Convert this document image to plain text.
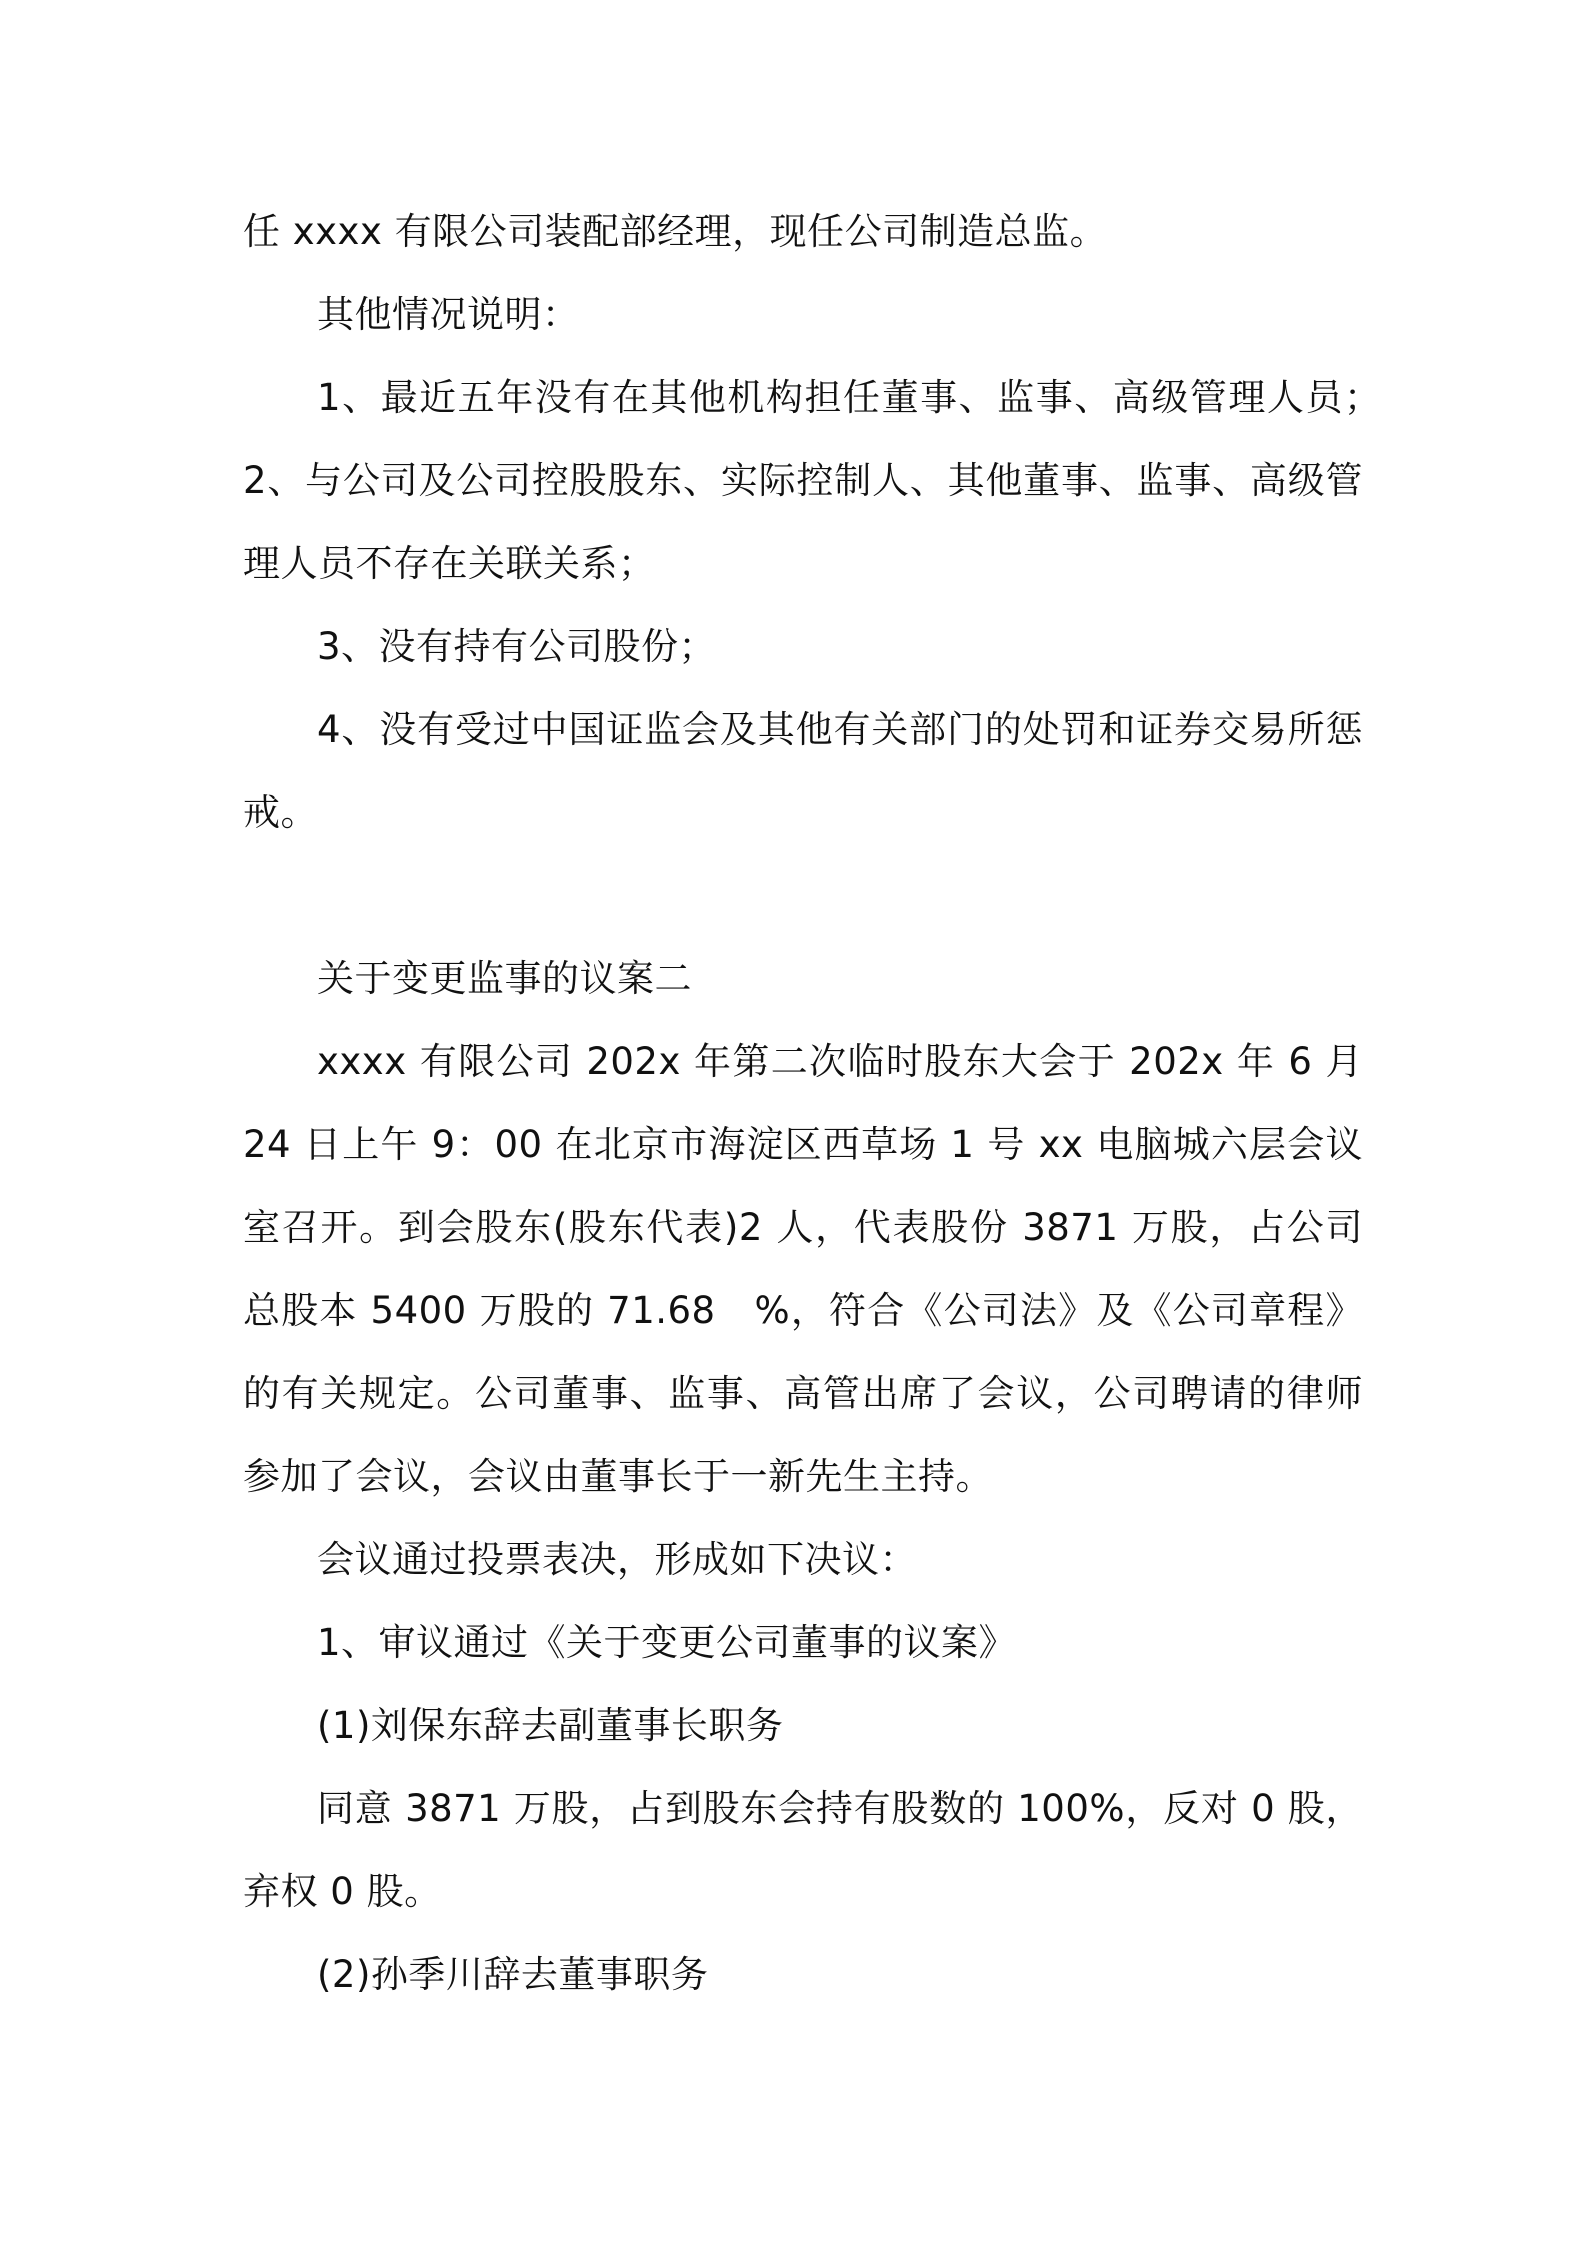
任 xxxx 有限公司装配部经理，现任公司制造总监。

其他情况说明：

1、最近五年没有在其他机构担任董事、监事、高级管理人员；　2、与公司及公司控股股东、实际控制人、其他董事、监事、高级管理人员不存在关联关系；

3、没有持有公司股份；

4、没有受过中国证监会及其他有关部门的处罚和证券交易所惩戒。

关于变更监事的议案二

xxxx 有限公司 202x 年第二次临时股东大会于 202x 年 6 月 24 日上午 9：00 在北京市海淀区西草场 1 号 xx 电脑城六层会议室召开。到会股东(股东代表)2 人，代表股份 3871 万股，占公司总股本 5400 万股的 71.68　%，符合《公司法》及《公司章程》的有关规定。公司董事、监事、高管出席了会议，公司聘请的律师参加了会议，会议由董事长于一新先生主持。

会议通过投票表决，形成如下决议：

1、审议通过《关于变更公司董事的议案》

(1)刘保东辞去副董事长职务

同意 3871 万股，占到股东会持有股数的 100%，反对 0 股，弃权 0 股。

(2)孙季川辞去董事职务
